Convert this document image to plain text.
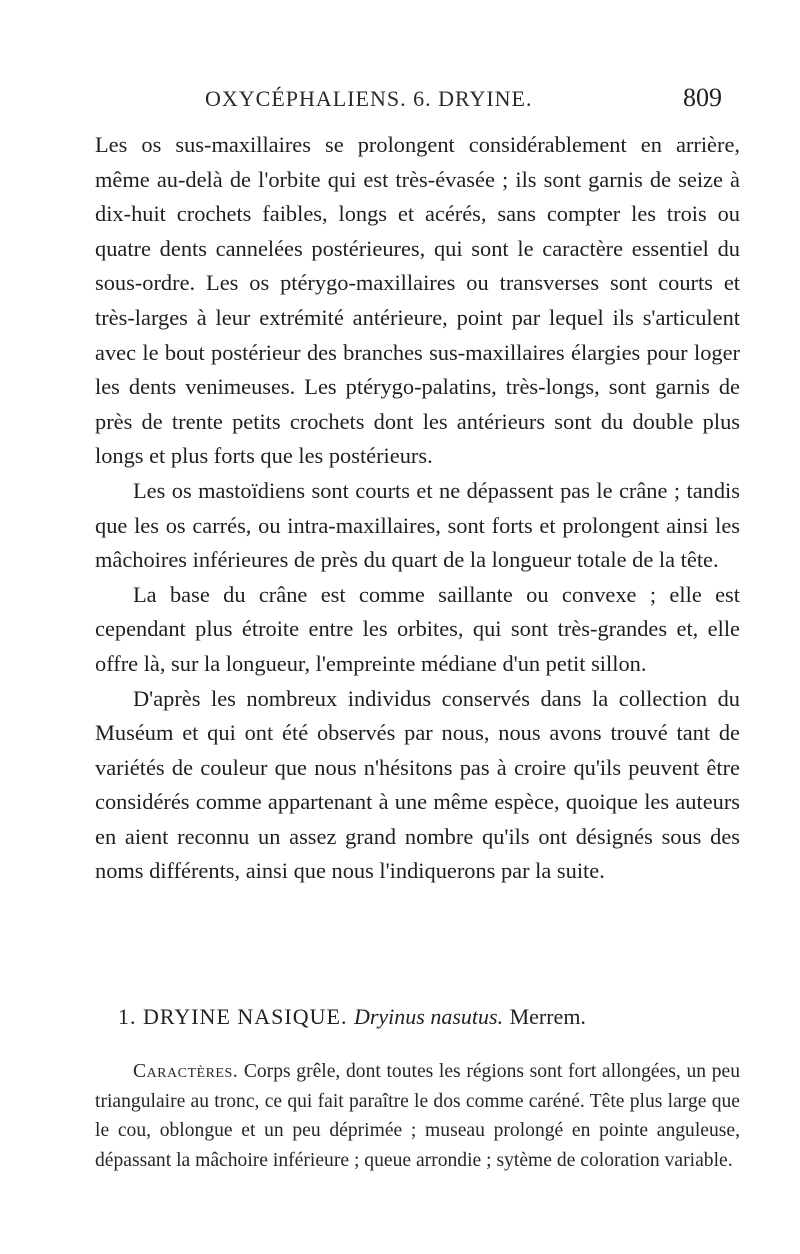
OXYCÉPHALIENS. 6. DRYINE.	809

Les os sus-maxillaires se prolongent considérablement en arrière, même au-delà de l'orbite qui est très-évasée ; ils sont garnis de seize à dix-huit crochets faibles, longs et acérés, sans compter les trois ou quatre dents cannelées postérieures, qui sont le caractère essentiel du sous-ordre. Les os ptérygo-maxillaires ou transverses sont courts et très-larges à leur extrémité antérieure, point par lequel ils s'articulent avec le bout postérieur des branches sus-maxillaires élargies pour loger les dents venimeuses. Les ptérygo-palatins, très-longs, sont garnis de près de trente petits crochets dont les antérieurs sont du double plus longs et plus forts que les postérieurs.

Les os mastoïdiens sont courts et ne dépassent pas le crâne ; tandis que les os carrés, ou intra-maxillaires, sont forts et prolongent ainsi les mâchoires inférieures de près du quart de la longueur totale de la tête.

La base du crâne est comme saillante ou convexe ; elle est cependant plus étroite entre les orbites, qui sont très-grandes et, elle offre là, sur la longueur, l'empreinte médiane d'un petit sillon.

D'après les nombreux individus conservés dans la collection du Muséum et qui ont été observés par nous, nous avons trouvé tant de variétés de couleur que nous n'hésitons pas à croire qu'ils peuvent être considérés comme appartenant à une même espèce, quoique les auteurs en aient reconnu un assez grand nombre qu'ils ont désignés sous des noms différents, ainsi que nous l'indiquerons par la suite.

1. DRYINE NASIQUE. Dryinus nasutus. Merrem.

Caractères. Corps grêle, dont toutes les régions sont fort allongées, un peu triangulaire au tronc, ce qui fait paraître le dos comme caréné. Tête plus large que le cou, oblongue et un peu déprimée ; museau prolongé en pointe anguleuse, dépassant la mâchoire inférieure ; queue arrondie ; sytème de coloration variable.
